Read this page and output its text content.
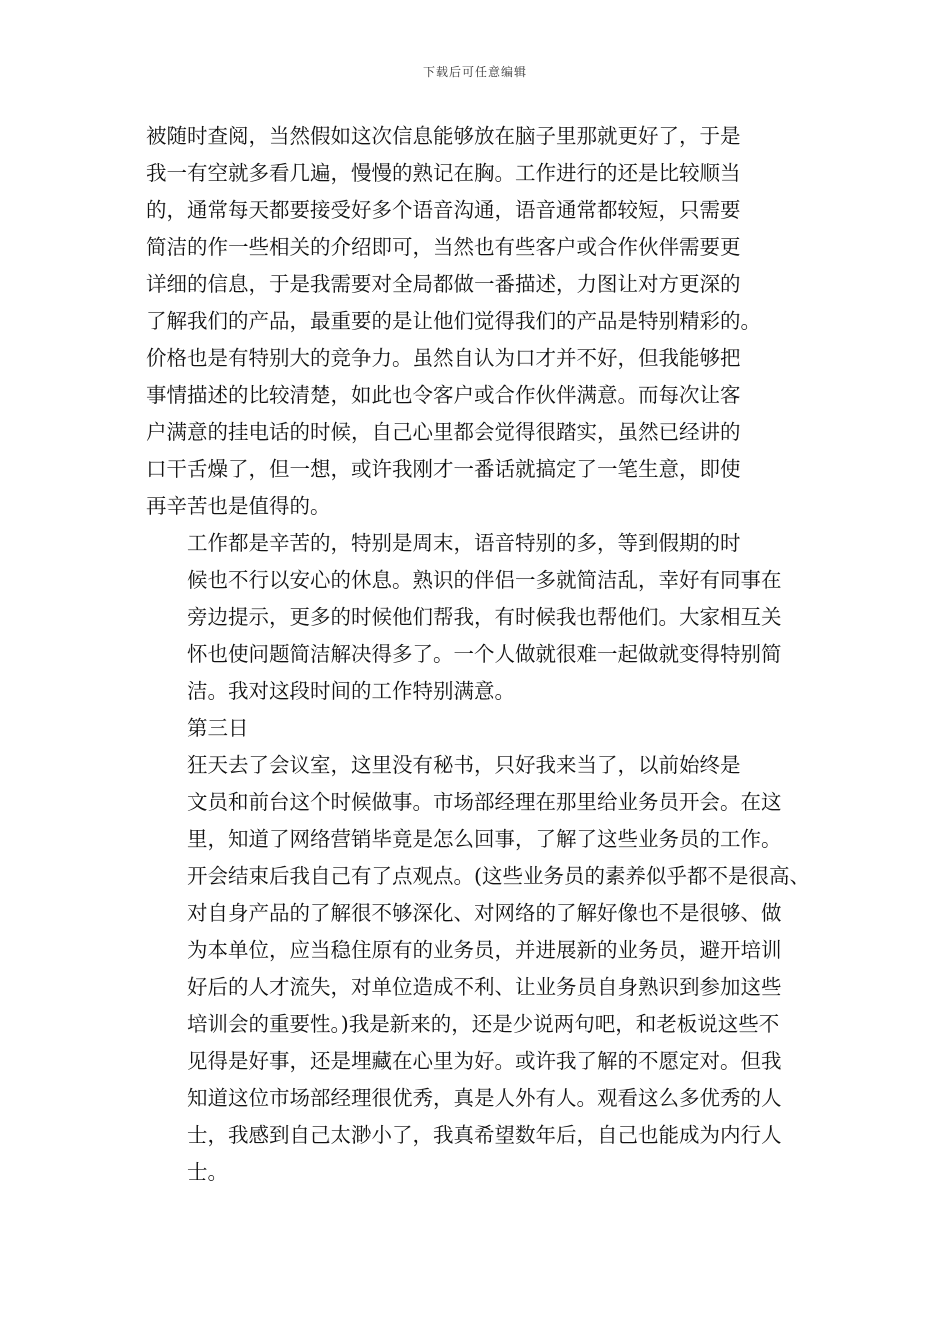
下载后可任意编辑

被随时查阅，当然假如这次信息能够放在脑子里那就更好了，于是
我一有空就多看几遍，慢慢的熟记在胸。工作进行的还是比较顺当
的，通常每天都要接受好多个语音沟通，语音通常都较短，只需要
简洁的作一些相关的介绍即可，当然也有些客户或合作伙伴需要更
详细的信息，于是我需要对全局都做一番描述，力图让对方更深的
了解我们的产品，最重要的是让他们觉得我们的产品是特别精彩的。
价格也是有特别大的竞争力。虽然自认为口才并不好，但我能够把
事情描述的比较清楚，如此也令客户或合作伙伴满意。而每次让客
户满意的挂电话的时候，自己心里都会觉得很踏实，虽然已经讲的
口干舌燥了，但一想，或许我刚才一番话就搞定了一笔生意，即使
再辛苦也是值得的。

工作都是辛苦的，特别是周末，语音特别的多，等到假期的时
候也不行以安心的休息。熟识的伴侣一多就简洁乱，幸好有同事在
旁边提示，更多的时候他们帮我，有时候我也帮他们。大家相互关
怀也使问题简洁解决得多了。一个人做就很难一起做就变得特别简
洁。我对这段时间的工作特别满意。

第三日

狂天去了会议室，这里没有秘书，只好我来当了，以前始终是
文员和前台这个时候做事。市场部经理在那里给业务员开会。在这
里，知道了网络营销毕竟是怎么回事，了解了这些业务员的工作。
开会结束后我自己有了点观点。(这些业务员的素养似乎都不是很高、
对自身产品的了解很不够深化、对网络的了解好像也不是很够、做
为本单位，应当稳住原有的业务员，并进展新的业务员，避开培训
好后的人才流失，对单位造成不利、让业务员自身熟识到参加这些
培训会的重要性。)我是新来的，还是少说两句吧，和老板说这些不
见得是好事，还是埋藏在心里为好。或许我了解的不愿定对。但我
知道这位市场部经理很优秀，真是人外有人。观看这么多优秀的人
士，我感到自己太渺小了，我真希望数年后，自己也能成为内行人
士。
